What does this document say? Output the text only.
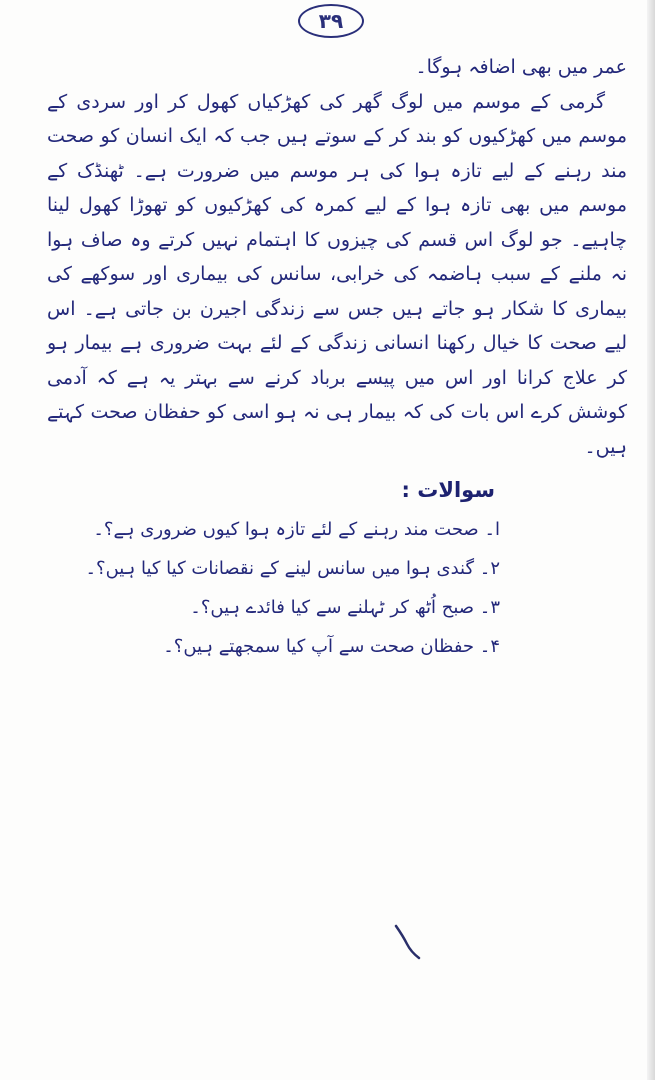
۳۹

عمر میں بھی اضافہ ہوگا۔

گرمی کے موسم میں لوگ گھر کی کھڑکیاں کھول کر اور سردی کے موسم میں کھڑکیوں کو بند کر کے سوتے ہیں جب کہ ایک انسان کو صحت مند رہنے کے لیے تازہ ہوا کی ہر موسم میں ضرورت ہے۔ ٹھنڈک کے موسم میں بھی تازہ ہوا کے لیے کمرہ کی کھڑکیوں کو تھوڑا کھول لینا چاہیے۔ جو لوگ اس قسم کی چیزوں کا اہتمام نہیں کرتے وہ صاف ہوا نہ ملنے کے سبب ہاضمہ کی خرابی، سانس کی بیماری اور سوکھے کی بیماری کا شکار ہو جاتے ہیں جس سے زندگی اجیرن بن جاتی ہے۔ اس لیے صحت کا خیال رکھنا انسانی زندگی کے لئے بہت ضروری ہے بیمار ہو کر علاج کرانا اور اس میں پیسے برباد کرنے سے بہتر یہ ہے کہ آدمی کوشش کرے اس بات کی کہ بیمار ہی نہ ہو اسی کو حفظان صحت کہتے ہیں۔

سوالات :
ا۔ صحت مند رہنے کے لئے تازہ ہوا کیوں ضروری ہے؟۔
۲۔ گندی ہوا میں سانس لینے کے نقصانات کیا کیا ہیں؟۔
۳۔ صبح اُٹھ کر ٹہلنے سے کیا فائدے ہیں؟۔
۴۔ حفظان صحت سے آپ کیا سمجھتے ہیں؟۔
